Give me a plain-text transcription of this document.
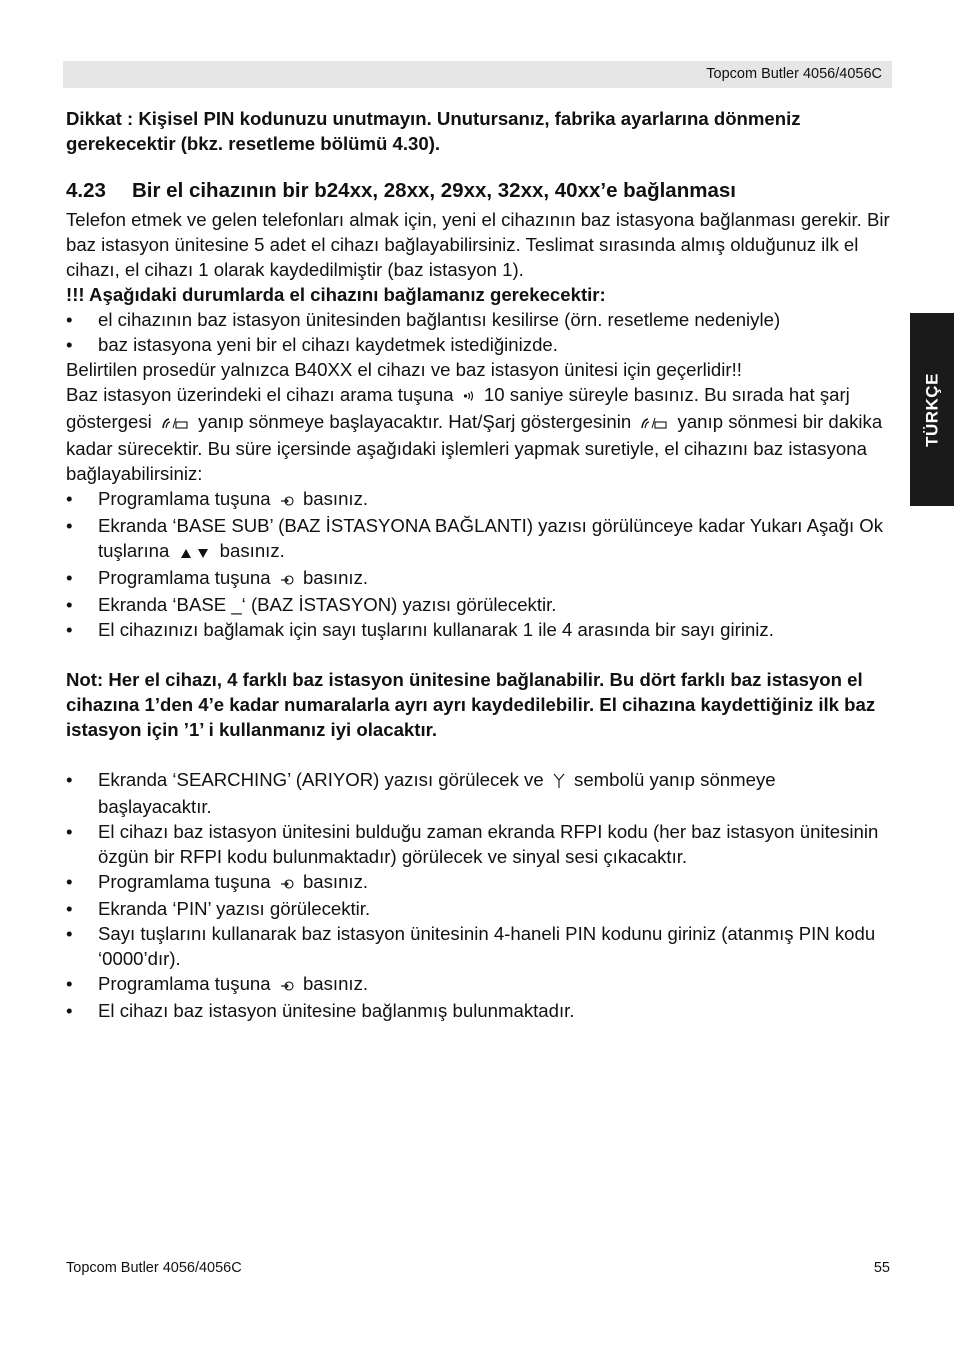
Topcom Butler 4056/4056C
TÜRKÇE

Dikkat : Kişisel PIN kodunuzu unutmayın. Unutursanız, fabrika ayarlarına dönmeniz gerekecektir (bkz. resetleme bölümü 4.30).

4.23 Bir el cihazının bir b24xx, 28xx, 29xx, 32xx, 40xx’e bağlanması

Telefon etmek ve gelen telefonları almak için, yeni el cihazının baz istasyona bağlanması gerekir. Bir baz istasyon ünitesine 5 adet el cihazı bağlayabilirsiniz. Teslimat sırasında almış olduğunuz ilk el cihazı, el cihazı 1 olarak kaydedilmiştir (baz istasyon 1).

!!! Aşağıdaki durumlarda el cihazını bağlamanız gerekecektir:

• el cihazının baz istasyon ünitesinden bağlantısı kesilirse (örn. resetleme nedeniyle)
• baz istasyona yeni bir el cihazı kaydetmek istediğinizde.

Belirtilen prosedür yalnızca B40XX el cihazı ve baz istasyon ünitesi için geçerlidir!!

Baz istasyon üzerindeki el cihazı arama tuşuna 10 saniye süreyle basınız. Bu sırada hat şarj göstergesi yanıp sönmeye başlayacaktır. Hat/Şarj göstergesinin yanıp sönmesi bir dakika kadar sürecektir. Bu süre içersinde aşağıdaki işlemleri yapmak suretiyle, el cihazını baz istasyona bağlayabilirsiniz:

• Programlama tuşuna basınız.
• Ekranda ‘BASE SUB’ (BAZ İSTASYONA BAĞLANTI) yazısı görülünceye kadar Yukarı Aşağı Ok tuşlarına	basınız.
• Programlama tuşuna basınız.
• Ekranda ‘BASE _‘ (BAZ İSTASYON) yazısı görülecektir.
• El cihazınızı bağlamak için sayı tuşlarını kullanarak 1 ile 4 arasında bir sayı giriniz.

Not: Her el cihazı, 4 farklı baz istasyon ünitesine bağlanabilir. Bu dört farklı baz istasyon el cihazına 1’den 4’e kadar numaralarla ayrı ayrı kaydedilebilir. El cihazına kaydettiğiniz ilk baz istasyon için ’1’ i kullanmanız iyi olacaktır.

• Ekranda ‘SEARCHING’ (ARIYOR) yazısı görülecek ve sembolü yanıp sönmeye başlayacaktır.
• El cihazı baz istasyon ünitesini bulduğu zaman ekranda RFPI kodu (her baz istasyon ünitesinin özgün bir RFPI kodu bulunmaktadır) görülecek ve sinyal sesi çıkacaktır.
• Programlama tuşuna basınız.
• Ekranda ‘PIN’ yazısı görülecektir.
• Sayı tuşlarını kullanarak baz istasyon ünitesinin 4-haneli PIN kodunu giriniz (atanmış PIN kodu ‘0000’dır).
• Programlama tuşuna basınız.
• El cihazı baz istasyon ünitesine bağlanmış bulunmaktadır.
Topcom Butler 4056/4056C	55
